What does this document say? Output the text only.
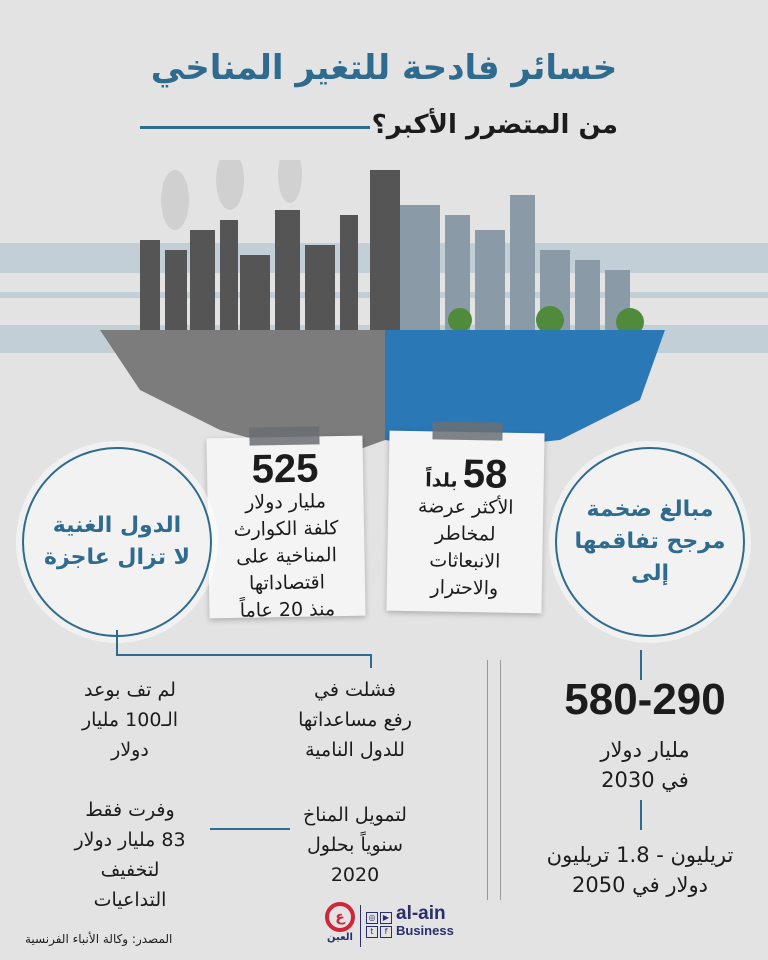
خسائر فادحة للتغير المناخي
من المتضرر الأكبر؟
525

مليار دولار

كلفة الكوارث

المناخية على

اقتصاداتها

منذ 20 عاماً

58 بلداً

الأكثر عرضة

لمخاطر

الانبعاثات

والاحترار

الدول الغنية
لا تزال عاجزة
مبالغ ضخمة
مرجح تفاقمها
إلى
فشلت في
رفع مساعداتها
للدول النامية
لتمويل المناخ
سنوياً بحلول
2020
لم تف بوعد
الـ100 مليار
دولار
وفرت فقط
83 مليار دولار
لتخفيف
التداعيات
580-290
مليار دولار
في 2030
تريليون - 1.8 تريليون
دولار في 2050
المصدر: وكالة الأنباء الفرنسية
ع
العين
◎ ▶
t	f
al-ain
Business
